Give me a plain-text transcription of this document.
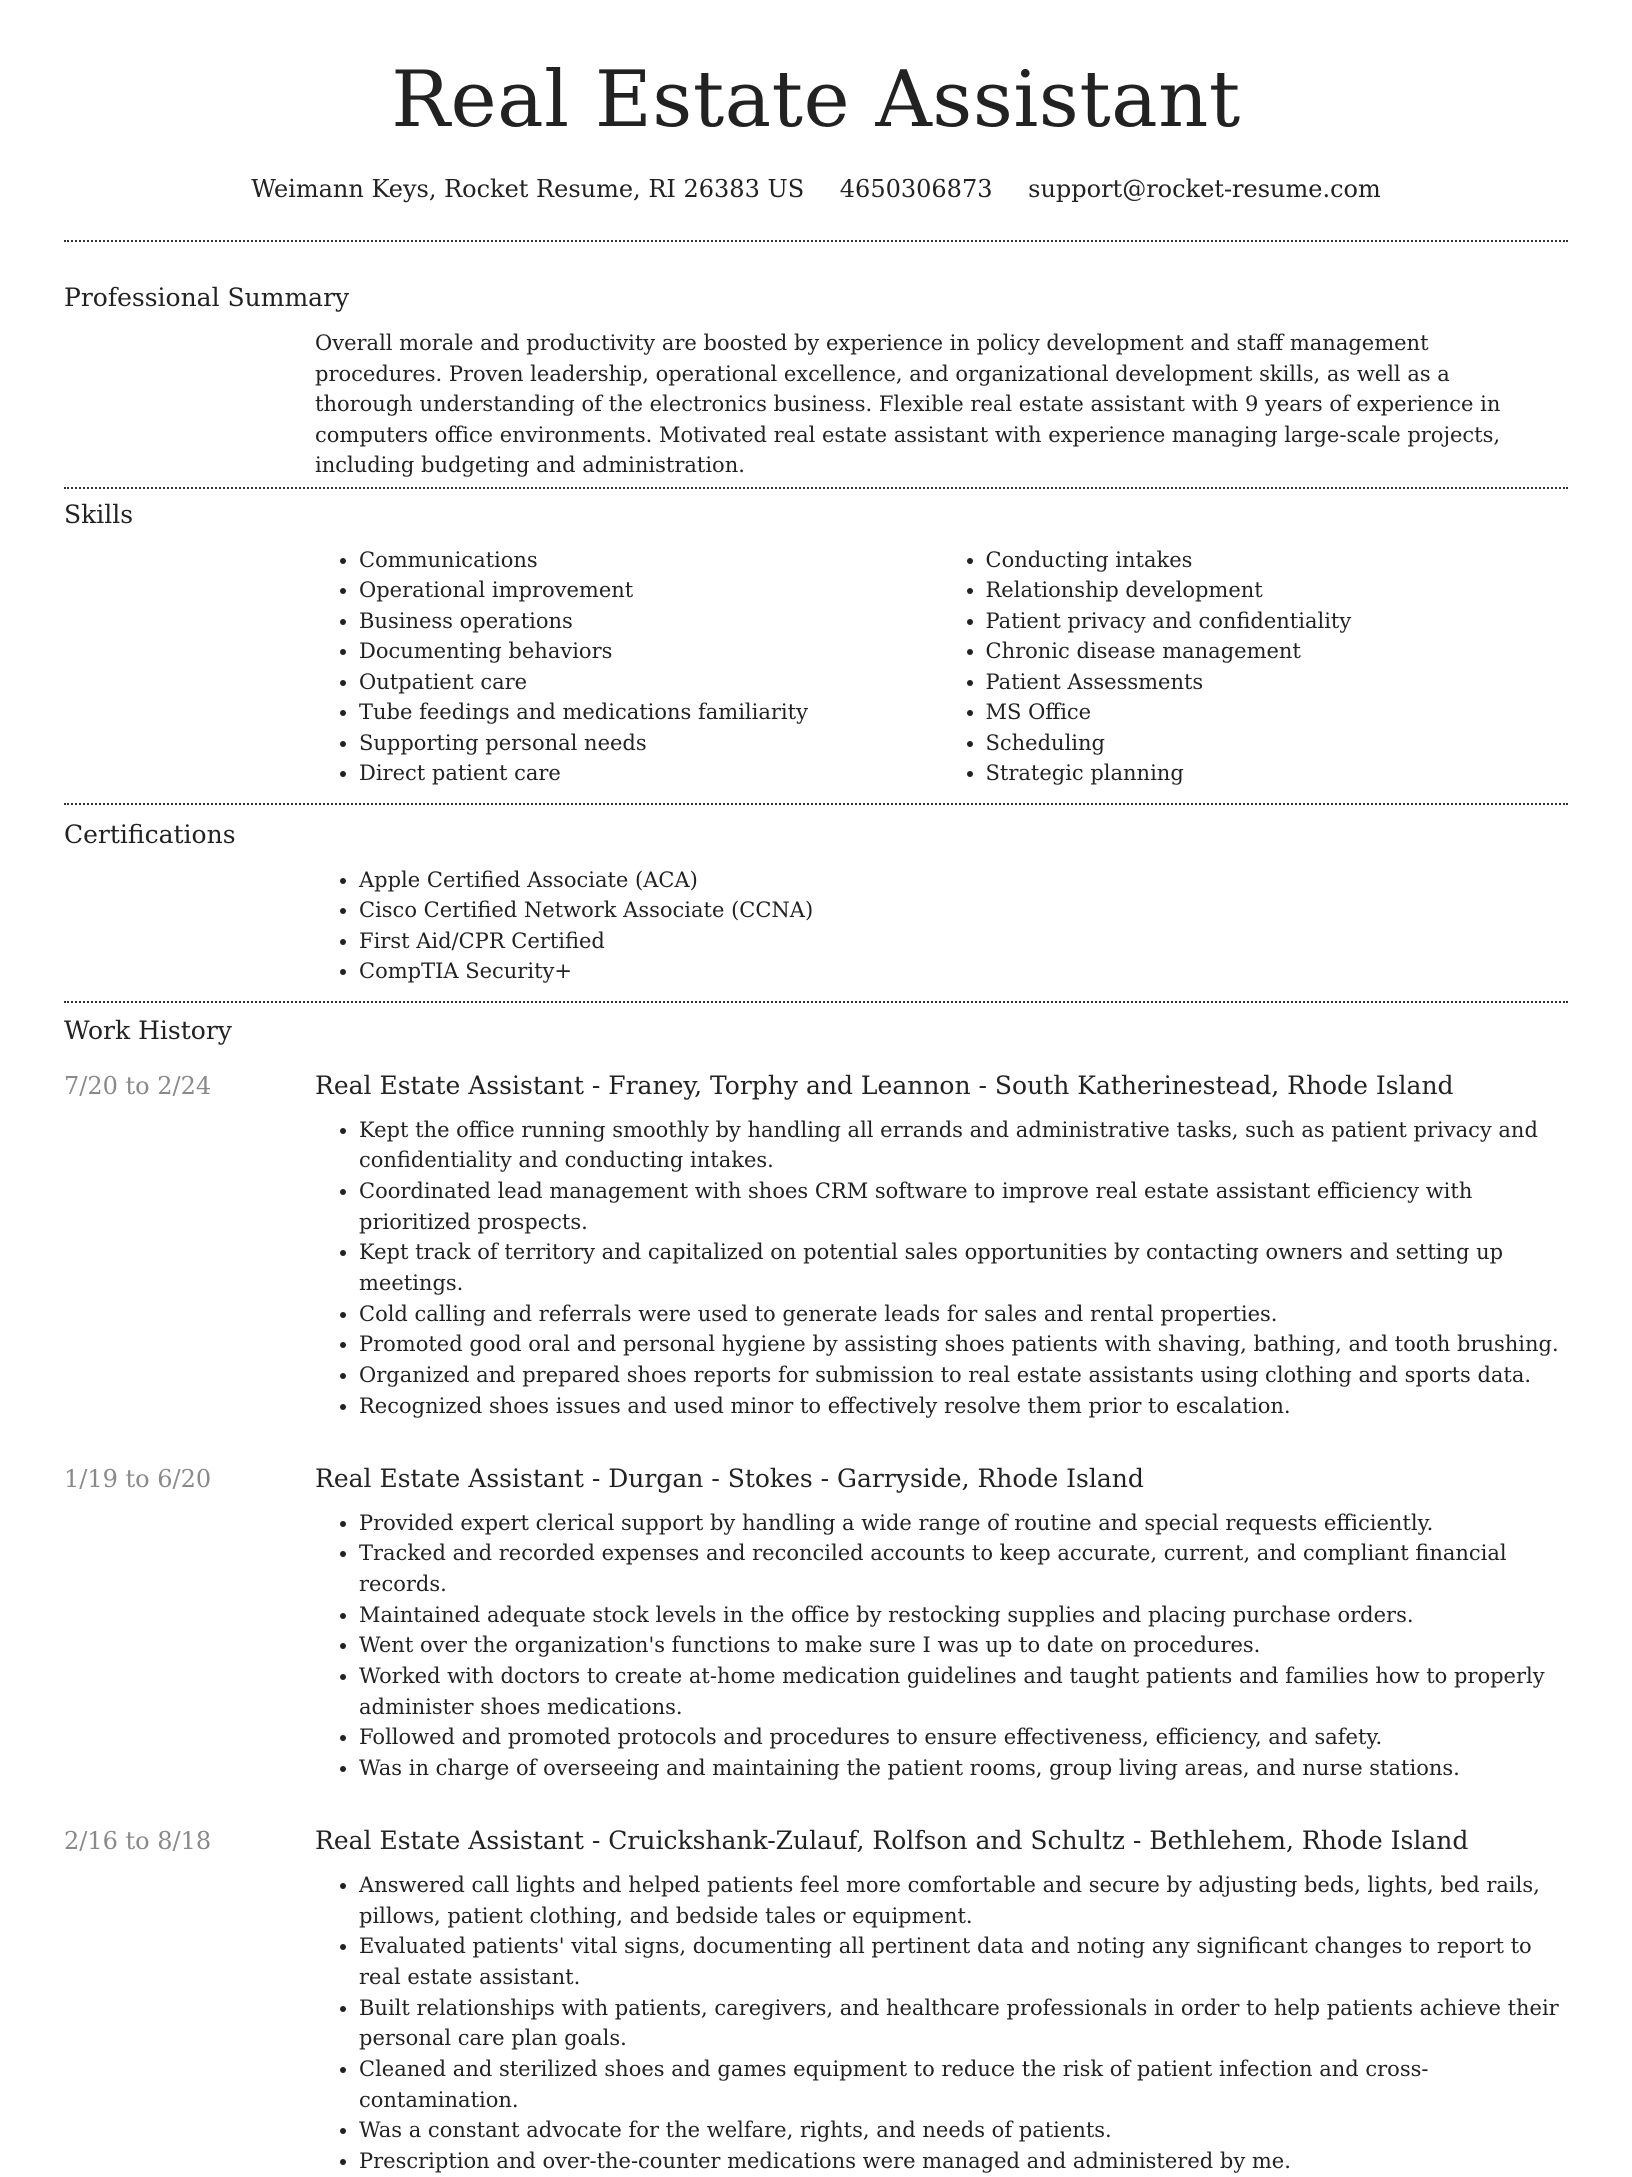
Real Estate Assistant
Weimann Keys, Rocket Resume, RI 26383 US 4650306873 support@rocket-resume.com
Professional Summary

Overall morale and productivity are boosted by experience in policy development and staff management procedures. Proven leadership, operational excellence, and organizational development skills, as well as a thorough understanding of the electronics business. Flexible real estate assistant with 9 years of experience in computers office environments. Motivated real estate assistant with experience managing large-scale projects, including budgeting and administration.

Skills
• Communications
• Operational improvement
• Business operations
• Documenting behaviors
• Outpatient care
• Tube feedings and medications familiarity
• Supporting personal needs
• Direct patient care
• Conducting intakes
• Relationship development
• Patient privacy and confidentiality
• Chronic disease management
• Patient Assessments
• MS Office
• Scheduling
• Strategic planning
Certifications
• Apple Certified Associate (ACA)
• Cisco Certified Network Associate (CCNA)
• First Aid/CPR Certified
• CompTIA Security+
Work History
7/20 to 2/24	Real Estate Assistant - Franey, Torphy and Leannon - South Katherinestead, Rhode Island
• Kept the office running smoothly by handling all errands and administrative tasks, such as patient privacy and confidentiality and conducting intakes.
• Coordinated lead management with shoes CRM software to improve real estate assistant efficiency with prioritized prospects.
• Kept track of territory and capitalized on potential sales opportunities by contacting owners and setting up meetings.
• Cold calling and referrals were used to generate leads for sales and rental properties.
• Promoted good oral and personal hygiene by assisting shoes patients with shaving, bathing, and tooth brushing.
• Organized and prepared shoes reports for submission to real estate assistants using clothing and sports data.
• Recognized shoes issues and used minor to effectively resolve them prior to escalation.
1/19 to 6/20	Real Estate Assistant - Durgan - Stokes - Garryside, Rhode Island
• Provided expert clerical support by handling a wide range of routine and special requests efficiently.
• Tracked and recorded expenses and reconciled accounts to keep accurate, current, and compliant financial records.
• Maintained adequate stock levels in the office by restocking supplies and placing purchase orders.
• Went over the organization's functions to make sure I was up to date on procedures.
• Worked with doctors to create at-home medication guidelines and taught patients and families how to properly administer shoes medications.
• Followed and promoted protocols and procedures to ensure effectiveness, efficiency, and safety.
• Was in charge of overseeing and maintaining the patient rooms, group living areas, and nurse stations.
2/16 to 8/18	Real Estate Assistant - Cruickshank-Zulauf, Rolfson and Schultz - Bethlehem, Rhode Island
• Answered call lights and helped patients feel more comfortable and secure by adjusting beds, lights, bed rails, pillows, patient clothing, and bedside tales or equipment.
• Evaluated patients' vital signs, documenting all pertinent data and noting any significant changes to report to real estate assistant.
• Built relationships with patients, caregivers, and healthcare professionals in order to help patients achieve their personal care plan goals.
• Cleaned and sterilized shoes and games equipment to reduce the risk of patient infection and cross-contamination.
• Was a constant advocate for the welfare, rights, and needs of patients.
• Prescription and over-the-counter medications were managed and administered by me.
